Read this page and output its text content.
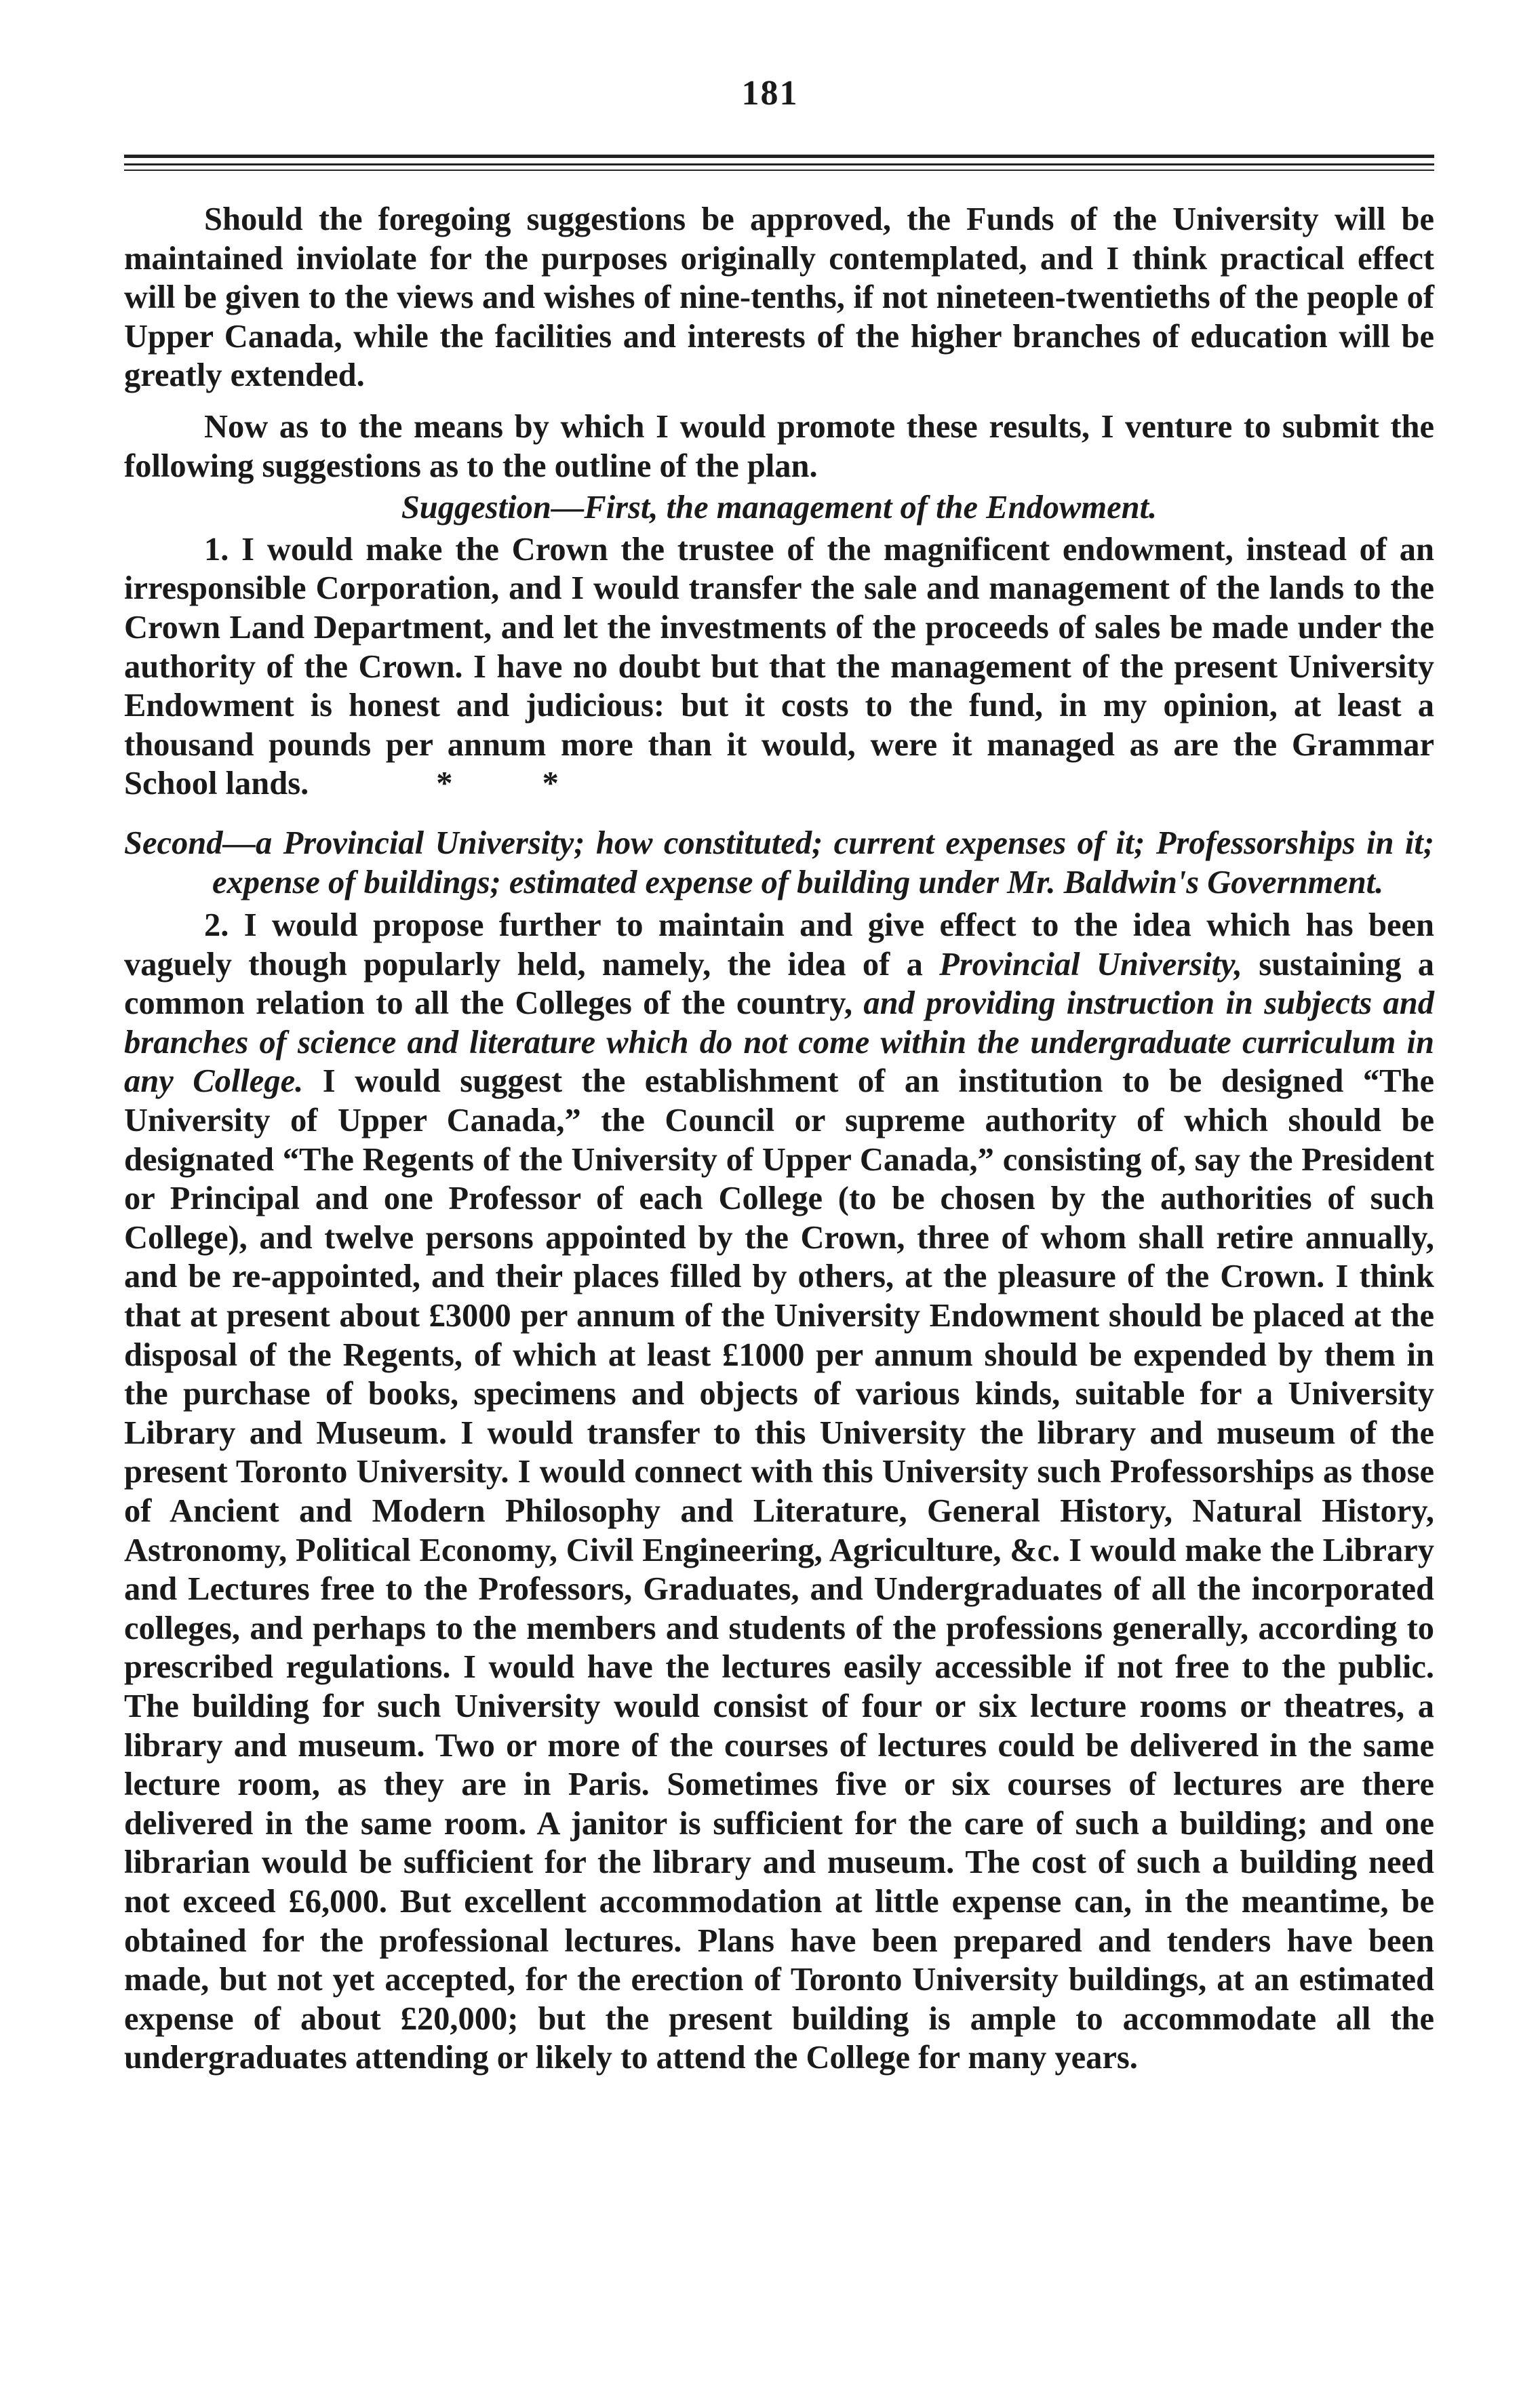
181

Should the foregoing suggestions be approved, the Funds of the University will be maintained inviolate for the purposes originally contemplated, and I think practical effect will be given to the views and wishes of nine-tenths, if not nineteen-twentieths of the people of Upper Canada, while the facilities and interests of the higher branches of education will be greatly extended.

Now as to the means by which I would promote these results, I venture to submit the following suggestions as to the outline of the plan.

Suggestion—First, the management of the Endowment.

1. I would make the Crown the trustee of the magnificent endowment, instead of an irresponsible Corporation, and I would transfer the sale and management of the lands to the Crown Land Department, and let the investments of the proceeds of sales be made under the authority of the Crown. I have no doubt but that the management of the present University Endowment is honest and judicious: but it costs to the fund, in my opinion, at least a thousand pounds per annum more than it would, were it managed as are the Grammar School lands.	* *

Second—a Provincial University; how constituted; current expenses of it; Professorships in it; expense of buildings; estimated expense of building under Mr. Baldwin's Government.

2. I would propose further to maintain and give effect to the idea which has been vaguely though popularly held, namely, the idea of a Provincial University, sustaining a common relation to all the Colleges of the country, and providing instruction in subjects and branches of science and literature which do not come within the undergraduate curriculum in any College. I would suggest the establishment of an institution to be designed “The University of Upper Canada,” the Council or supreme authority of which should be designated “The Regents of the University of Upper Canada,” consisting of, say the President or Principal and one Professor of each College (to be chosen by the authorities of such College), and twelve persons appointed by the Crown, three of whom shall retire annually, and be re-appointed, and their places filled by others, at the pleasure of the Crown. I think that at present about £3000 per annum of the University Endowment should be placed at the disposal of the Regents, of which at least £1000 per annum should be expended by them in the purchase of books, specimens and objects of various kinds, suitable for a University Library and Museum. I would transfer to this University the library and museum of the present Toronto University. I would connect with this University such Professorships as those of Ancient and Modern Philosophy and Literature, General History, Natural History, Astronomy, Political Economy, Civil Engineering, Agriculture, &c. I would make the Library and Lectures free to the Professors, Graduates, and Undergraduates of all the incorporated colleges, and perhaps to the members and students of the professions generally, according to prescribed regulations. I would have the lectures easily accessible if not free to the public. The building for such University would consist of four or six lecture rooms or theatres, a library and museum. Two or more of the courses of lectures could be delivered in the same lecture room, as they are in Paris. Sometimes five or six courses of lectures are there delivered in the same room. A janitor is sufficient for the care of such a building; and one librarian would be sufficient for the library and museum. The cost of such a building need not exceed £6,000. But excellent accommodation at little expense can, in the meantime, be obtained for the professional lectures. Plans have been prepared and tenders have been made, but not yet accepted, for the erection of Toronto University buildings, at an estimated expense of about £20,000; but the present building is ample to accommodate all the undergraduates attending or likely to attend the College for many years.
